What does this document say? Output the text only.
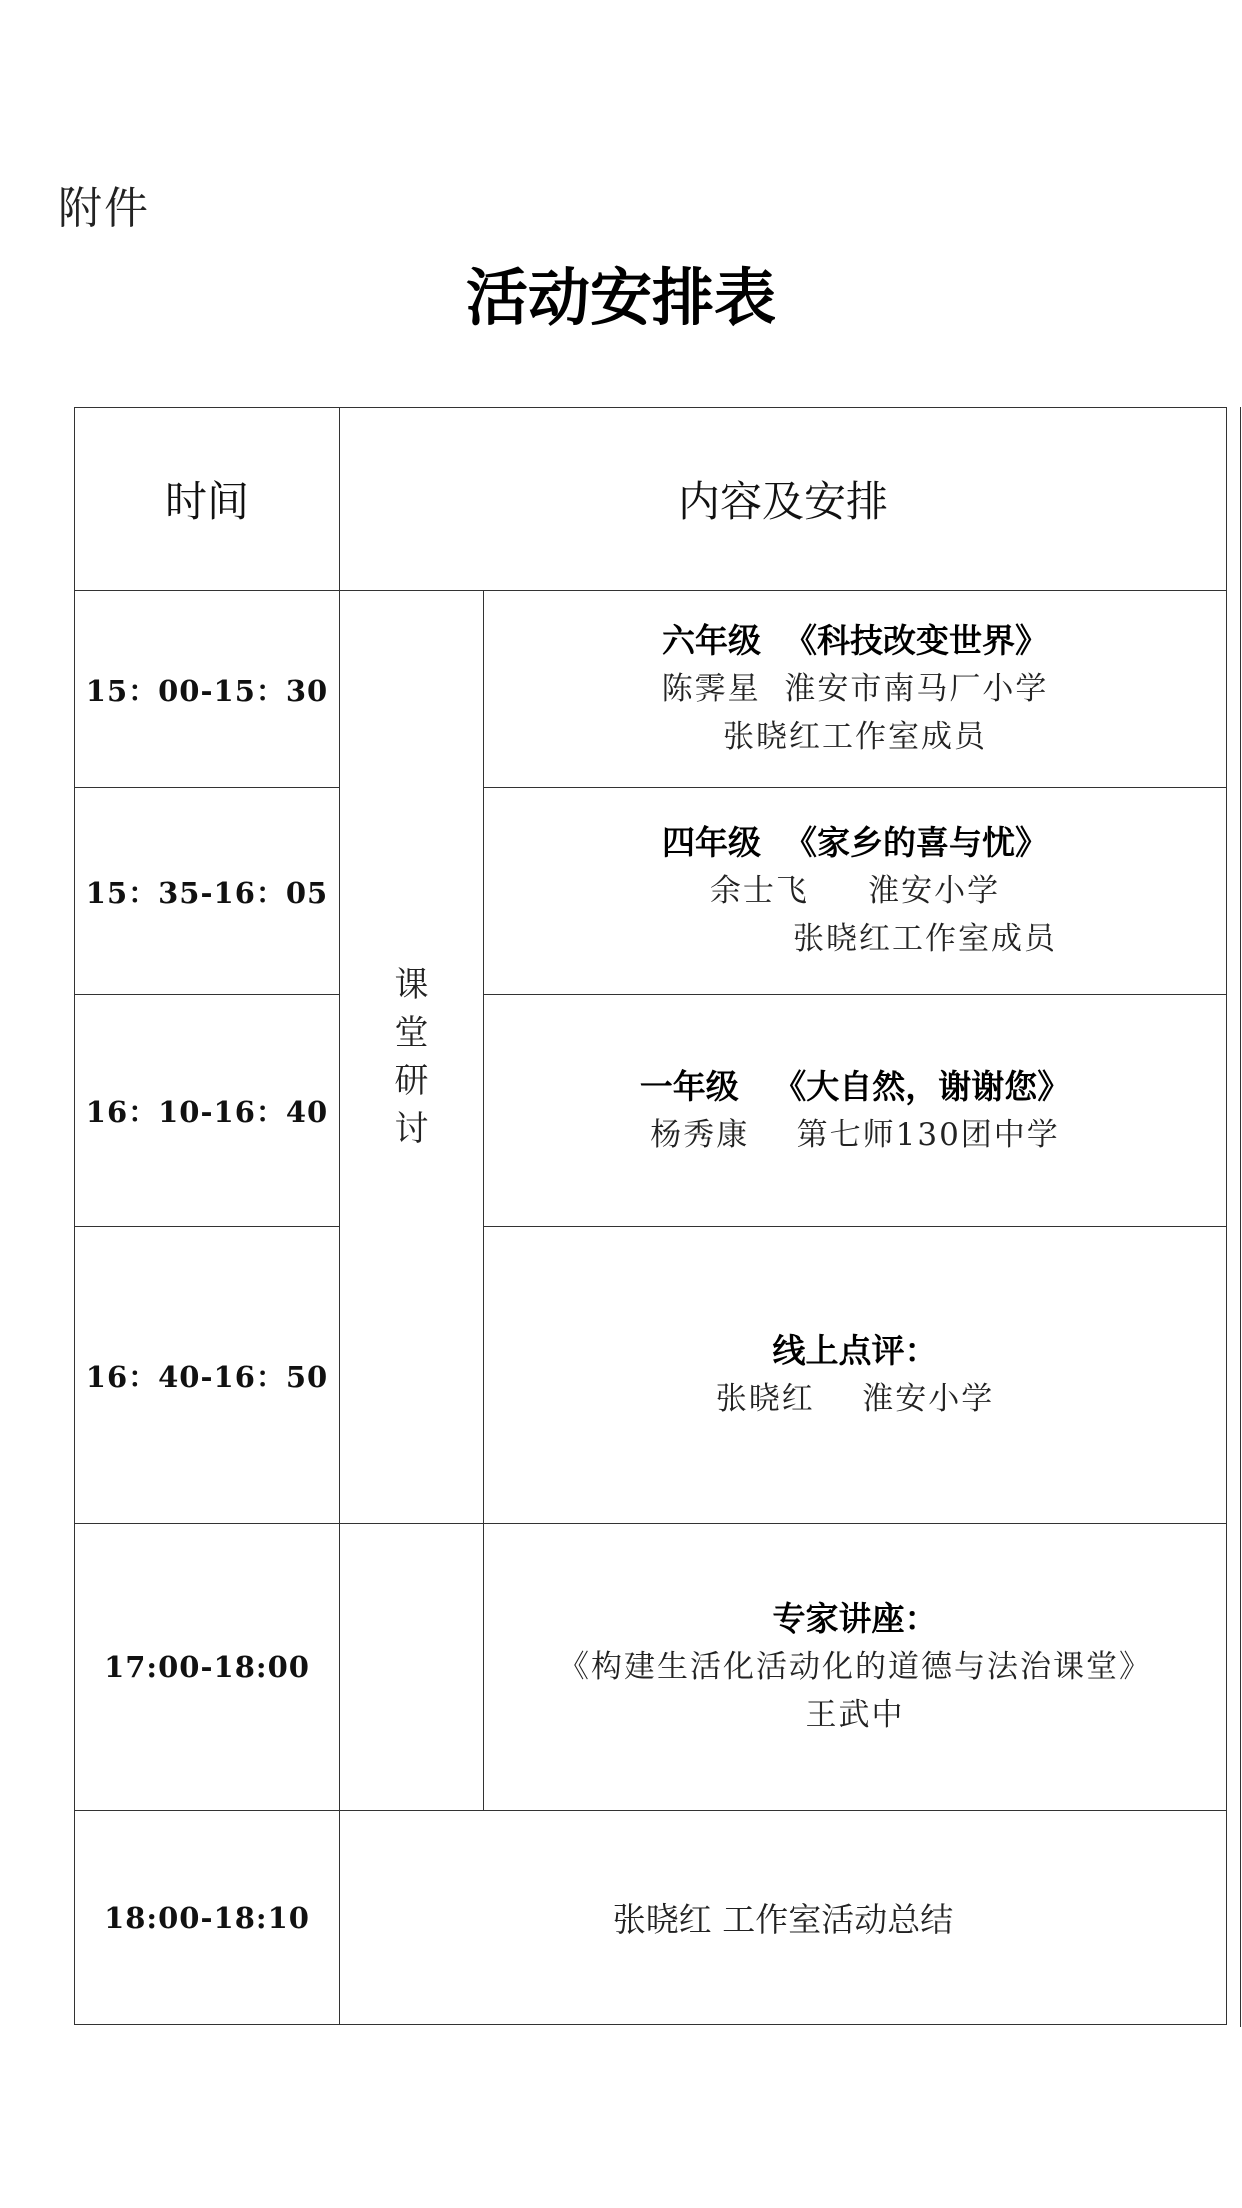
附件
活动安排表
时间	内容及安排	
15：00-15：30	课堂研讨	六年级  《科技改变世界》
陈霁星  淮安市南马厂小学
张晓红工作室成员

15：35-16：05		四年级  《家乡的喜与忧》
余士飞     淮安小学
张晓红工作室成员

16：10-16：40		一年级   《大自然，谢谢您》
杨秀康    第七师130团中学

16：40-16：50		线上点评：
张晓红    淮安小学

17:00-18:00		专家讲座：
《构建生活化活动化的道德与法治课堂》
王武中

18:00-18:10	张晓红 工作室活动总结	
